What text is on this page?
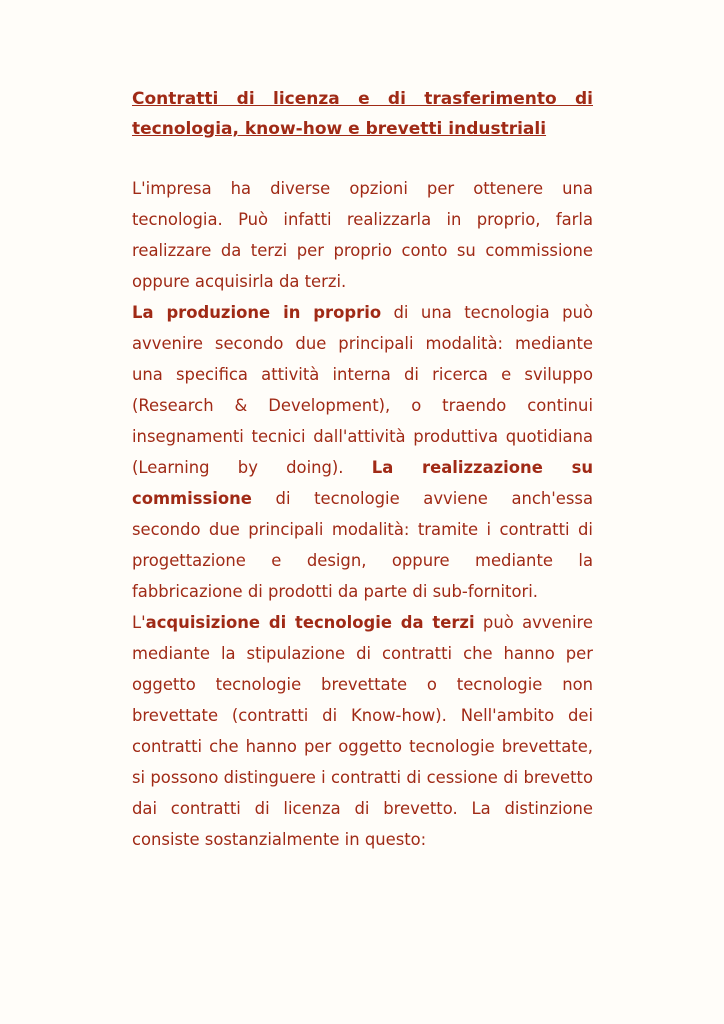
Contratti di licenza e di trasferimento di tecnologia, know-how e brevetti industriali

L'impresa ha diverse opzioni per ottenere una tecnologia. Può infatti realizzarla in proprio, farla realizzare da terzi per proprio conto su commissione oppure acquisirla da terzi.

La produzione in proprio di una tecnologia può avvenire secondo due principali modalità: mediante una specifica attività interna di ricerca e sviluppo (Research & Development), o traendo continui insegnamenti tecnici dall'attività produttiva quotidiana (Learning by doing). La realizzazione su commissione di tecnologie avviene anch'essa secondo due principali modalità: tramite i contratti di progettazione e design, oppure mediante la fabbricazione di prodotti da parte di sub-fornitori.

L'acquisizione di tecnologie da terzi può avvenire mediante la stipulazione di contratti che hanno per oggetto tecnologie brevettate o tecnologie non brevettate (contratti di Know-how). Nell'ambito dei contratti che hanno per oggetto tecnologie brevettate, si possono distinguere i contratti di cessione di brevetto dai contratti di licenza di brevetto. La distinzione consiste sostanzialmente in questo:
